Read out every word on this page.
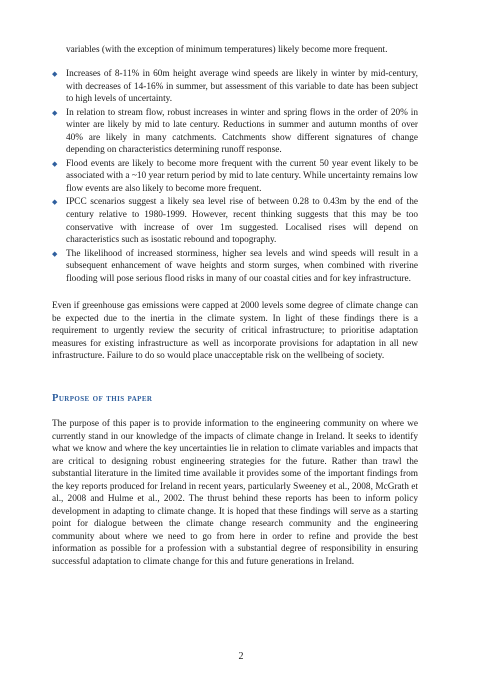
variables (with the exception of minimum temperatures) likely become more frequent.
◆ Increases of 8-11% in 60m height average wind speeds are likely in winter by mid-century, with decreases of 14-16% in summer, but assessment of this variable to date has been subject to high levels of uncertainty.
◆ In relation to stream flow, robust increases in winter and spring flows in the order of 20% in winter are likely by mid to late century. Reductions in summer and autumn months of over 40% are likely in many catchments. Catchments show different signatures of change depending on characteristics determining runoff response.
◆ Flood events are likely to become more frequent with the current 50 year event likely to be associated with a ~10 year return period by mid to late century. While uncertainty remains low flow events are also likely to become more frequent.
◆ IPCC scenarios suggest a likely sea level rise of between 0.28 to 0.43m by the end of the century relative to 1980-1999. However, recent thinking suggests that this may be too conservative with increase of over 1m suggested. Localised rises will depend on characteristics such as isostatic rebound and topography.
◆ The likelihood of increased storminess, higher sea levels and wind speeds will result in a subsequent enhancement of wave heights and storm surges, when combined with riverine flooding will pose serious flood risks in many of our coastal cities and for key infrastructure.
Even if greenhouse gas emissions were capped at 2000 levels some degree of climate change can be expected due to the inertia in the climate system. In light of these findings there is a requirement to urgently review the security of critical infrastructure; to prioritise adaptation measures for existing infrastructure as well as incorporate provisions for adaptation in all new infrastructure. Failure to do so would place unacceptable risk on the wellbeing of society.
Purpose of this paper
The purpose of this paper is to provide information to the engineering community on where we currently stand in our knowledge of the impacts of climate change in Ireland. It seeks to identify what we know and where the key uncertainties lie in relation to climate variables and impacts that are critical to designing robust engineering strategies for the future. Rather than trawl the substantial literature in the limited time available it provides some of the important findings from the key reports produced for Ireland in recent years, particularly Sweeney et al., 2008, McGrath et al., 2008 and Hulme et al., 2002. The thrust behind these reports has been to inform policy development in adapting to climate change. It is hoped that these findings will serve as a starting point for dialogue between the climate change research community and the engineering community about where we need to go from here in order to refine and provide the best information as possible for a profession with a substantial degree of responsibility in ensuring successful adaptation to climate change for this and future generations in Ireland.
2
